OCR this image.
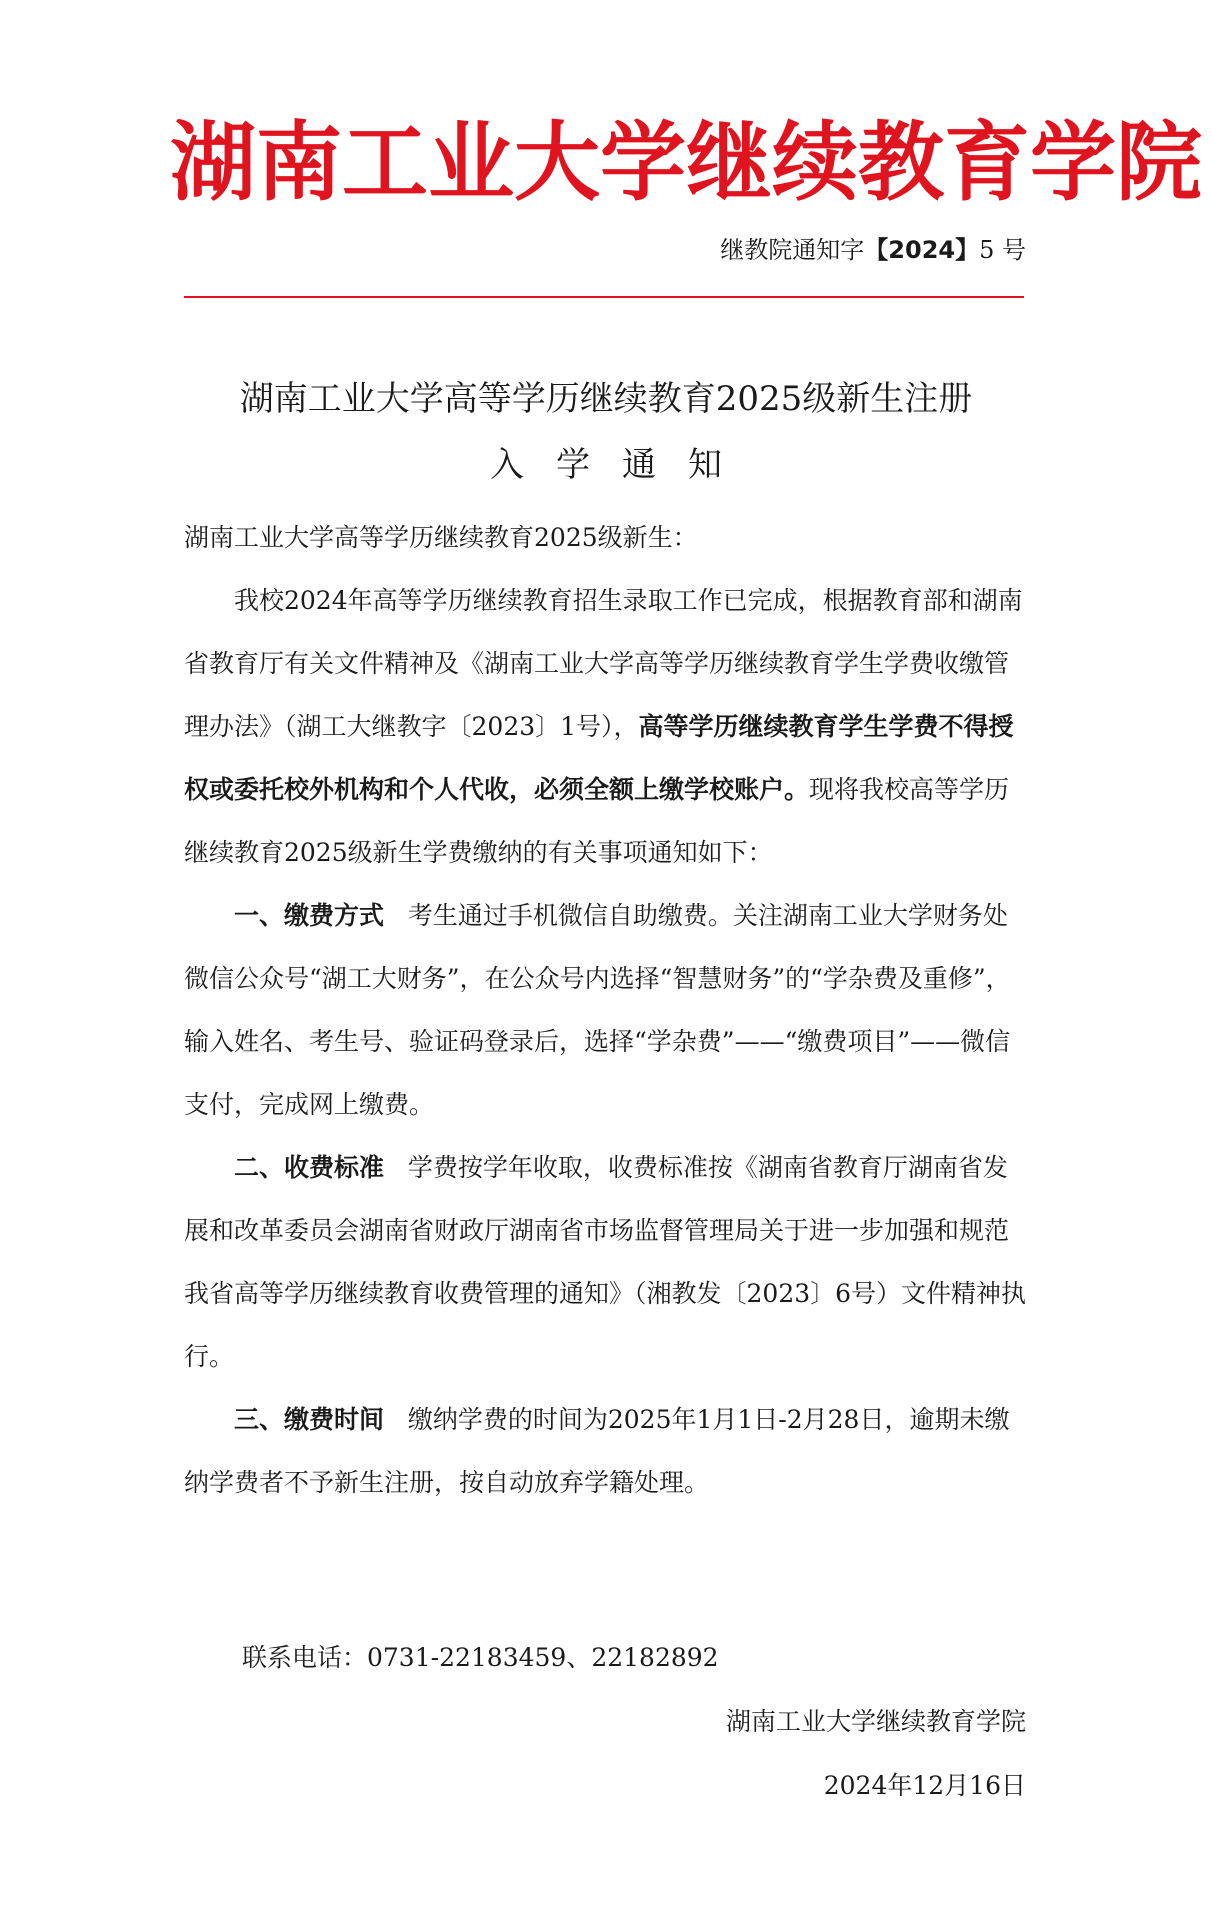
湖南工业大学继续教育学院
继教院通知字【2024】5 号
湖南工业大学高等学历继续教育2025级新生注册
入学通知

湖南工业大学高等学历继续教育2025级新生：

我校2024年高等学历继续教育招生录取工作已完成，根据教育部和湖南省教育厅有关文件精神及《湖南工业大学高等学历继续教育学生学费收缴管理办法》（湖工大继教字〔2023〕1号），高等学历继续教育学生学费不得授权或委托校外机构和个人代收，必须全额上缴学校账户。现将我校高等学历继续教育2025级新生学费缴纳的有关事项通知如下：

一、缴费方式 考生通过手机微信自助缴费。关注湖南工业大学财务处微信公众号“湖工大财务”，在公众号内选择“智慧财务”的“学杂费及重修”，输入姓名、考生号、验证码登录后，选择“学杂费”——“缴费项目”——微信支付，完成网上缴费。

二、收费标准 学费按学年收取，收费标准按《湖南省教育厅湖南省发展和改革委员会湖南省财政厅湖南省市场监督管理局关于进一步加强和规范我省高等学历继续教育收费管理的通知》（湘教发〔2023〕6号）文件精神执行。

三、缴费时间 缴纳学费的时间为2025年1月1日-2月28日，逾期未缴纳学费者不予新生注册，按自动放弃学籍处理。

联系电话：0731-22183459、22182892
湖南工业大学继续教育学院
2024年12月16日
